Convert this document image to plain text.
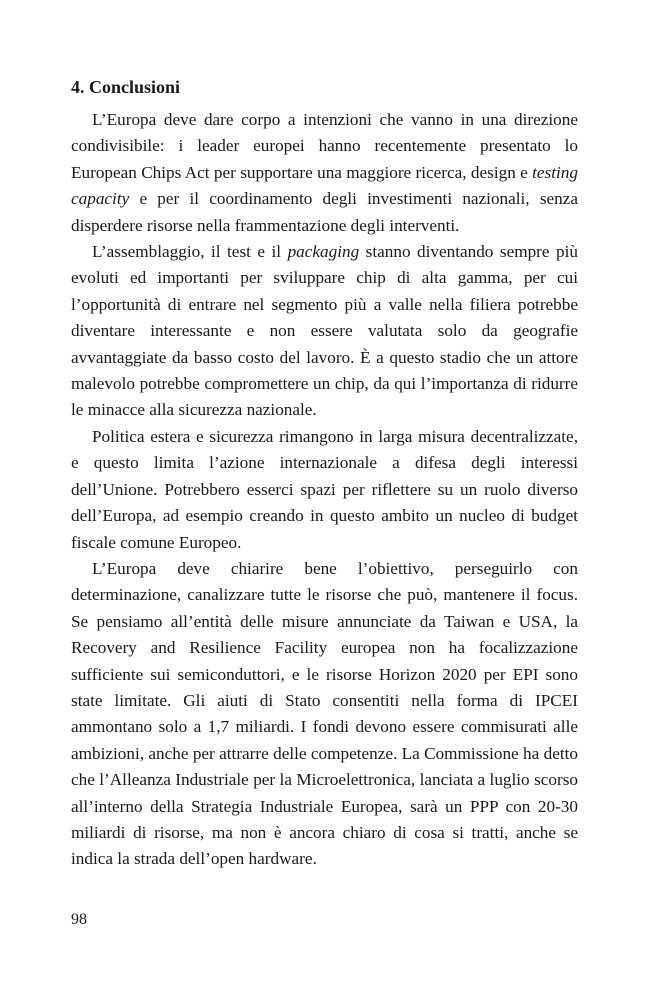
4. Conclusioni

L’Europa deve dare corpo a intenzioni che vanno in una direzione condivisibile: i leader europei hanno recentemente presentato lo European Chips Act per supportare una maggiore ricerca, design e testing capacity e per il coordinamento degli investimenti nazionali, senza disperdere risorse nella frammentazione degli interventi.

L’assemblaggio, il test e il packaging stanno diventando sempre più evoluti ed importanti per sviluppare chip di alta gamma, per cui l’opportunità di entrare nel segmento più a valle nella filiera potrebbe diventare interessante e non essere valutata solo da geografie avvantaggiate da basso costo del lavoro. È a questo stadio che un attore malevolo potrebbe compromettere un chip, da qui l’importanza di ridurre le minacce alla sicurezza nazionale.

Politica estera e sicurezza rimangono in larga misura decentralizzate, e questo limita l’azione internazionale a difesa degli interessi dell’Unione. Potrebbero esserci spazi per riflettere su un ruolo diverso dell’Europa, ad esempio creando in questo ambito un nucleo di budget fiscale comune Europeo.

L’Europa deve chiarire bene l’obiettivo, perseguirlo con determinazione, canalizzare tutte le risorse che può, mantenere il focus. Se pensiamo all’entità delle misure annunciate da Taiwan e USA, la Recovery and Resilience Facility europea non ha focalizzazione sufficiente sui semiconduttori, e le risorse Horizon 2020 per EPI sono state limitate. Gli aiuti di Stato consentiti nella forma di IPCEI ammontano solo a 1,7 miliardi. I fondi devono essere commisurati alle ambizioni, anche per attrarre delle competenze. La Commissione ha detto che l’Alleanza Industriale per la Microelettronica, lanciata a luglio scorso all’interno della Strategia Industriale Europea, sarà un PPP con 20-30 miliardi di risorse, ma non è ancora chiaro di cosa si tratti, anche se indica la strada dell’open hardware.

98
